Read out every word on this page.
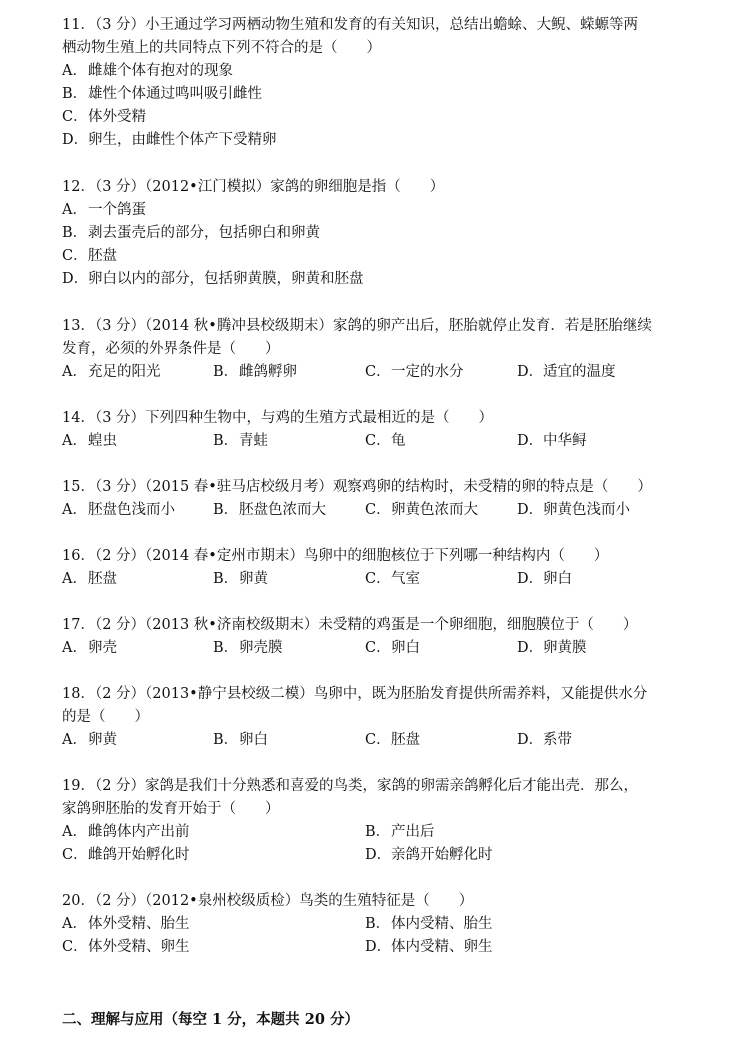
11．（3 分）小王通过学习两栖动物生殖和发育的有关知识，总结出蟾蜍、大鲵、蝾螈等两
栖动物生殖上的共同特点下列不符合的是（　　）
A．雌雄个体有抱对的现象
B．雄性个体通过鸣叫吸引雌性
C．体外受精
D．卵生，由雌性个体产下受精卵
12．（3 分）（2012•江门模拟）家鸽的卵细胞是指（　　）
A．一个鸽蛋
B．剥去蛋壳后的部分，包括卵白和卵黄
C．胚盘
D．卵白以内的部分，包括卵黄膜，卵黄和胚盘
13．（3 分）（2014 秋•腾冲县校级期末）家鸽的卵产出后，胚胎就停止发育．若是胚胎继续
发育，必须的外界条件是（　　）
A．充足的阳光	B．雌鸽孵卵	C．一定的水分	D．适宜的温度
14．（3 分）下列四种生物中，与鸡的生殖方式最相近的是（　　）
A．蝗虫	B．青蛙	C．龟	D．中华鲟
15．（3 分）（2015 春•驻马店校级月考）观察鸡卵的结构时，未受精的卵的特点是（　　）
A．胚盘色浅而小	B．胚盘色浓而大	C．卵黄色浓而大	D．卵黄色浅而小
16．（2 分）（2014 春•定州市期末）鸟卵中的细胞核位于下列哪一种结构内（　　）
A．胚盘	B．卵黄	C．气室	D．卵白
17．（2 分）（2013 秋•济南校级期末）未受精的鸡蛋是一个卵细胞，细胞膜位于（　　）
A．卵壳	B．卵壳膜	C．卵白	D．卵黄膜
18．（2 分）（2013•静宁县校级二模）鸟卵中，既为胚胎发育提供所需养料，又能提供水分
的是（　　）
A．卵黄	B．卵白	C．胚盘	D．系带
19．（2 分）家鸽是我们十分熟悉和喜爱的鸟类，家鸽的卵需亲鸽孵化后才能出壳．那么，
家鸽卵胚胎的发育开始于（　　）
A．雌鸽体内产出前	B．产出后
C．雌鸽开始孵化时	D．亲鸽开始孵化时
20．（2 分）（2012•泉州校级质检）鸟类的生殖特征是（　　）
A．体外受精、胎生	B．体内受精、胎生
C．体外受精、卵生	D．体内受精、卵生
二、理解与应用（每空 1 分，本题共 20 分）
